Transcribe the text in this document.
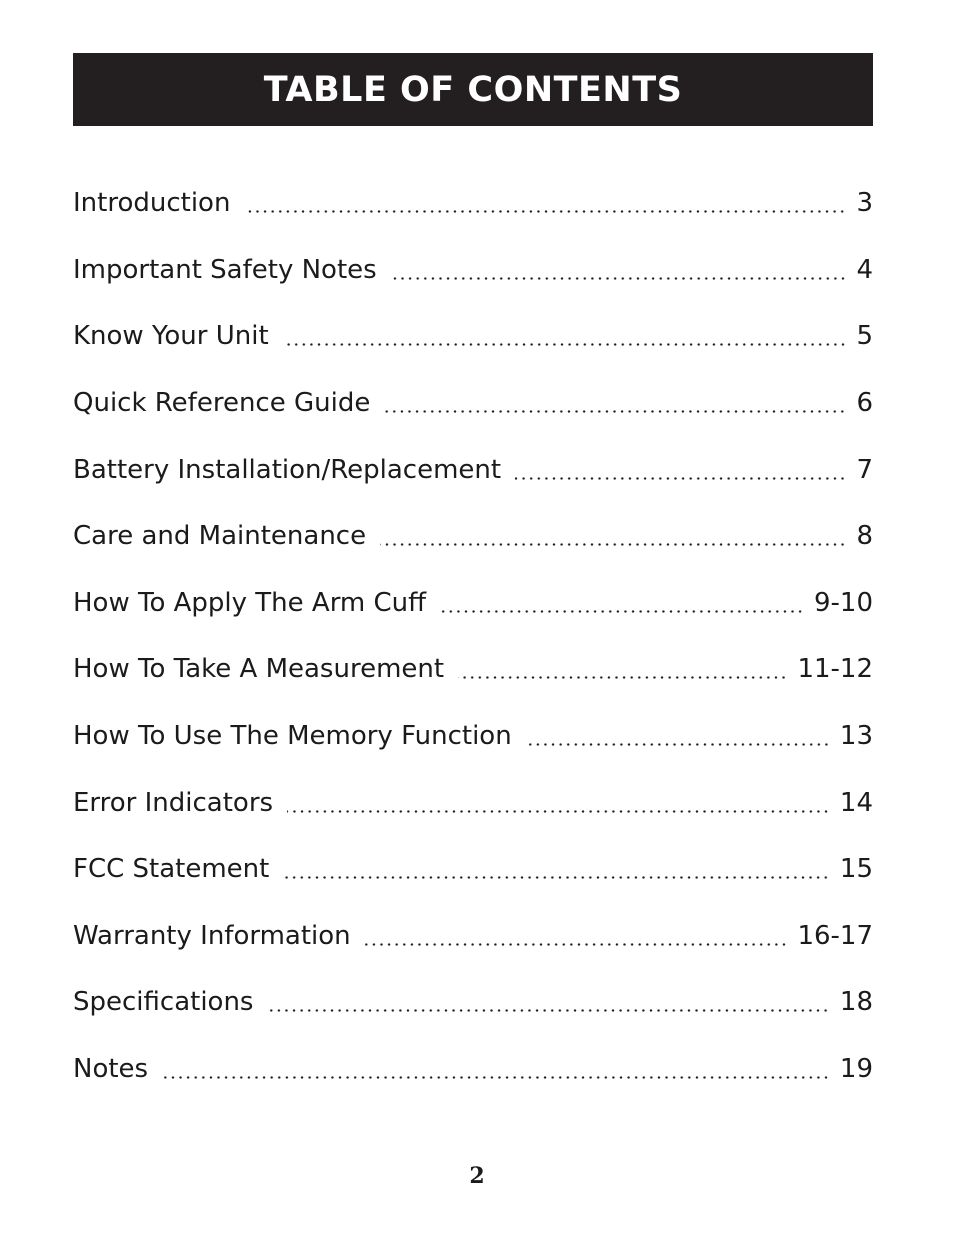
TABLE OF CONTENTS
Introduction	3
Important Safety Notes	4
Know Your Unit	5
Quick Reference Guide	6
Battery Installation/Replacement	7
Care and Maintenance	8
How To Apply The Arm Cuff	9-10
How To Take A Measurement	11-12
How To Use The Memory Function	13
Error Indicators	14
FCC Statement	15
Warranty Information	16-17
Specifications	18
Notes	19
2
